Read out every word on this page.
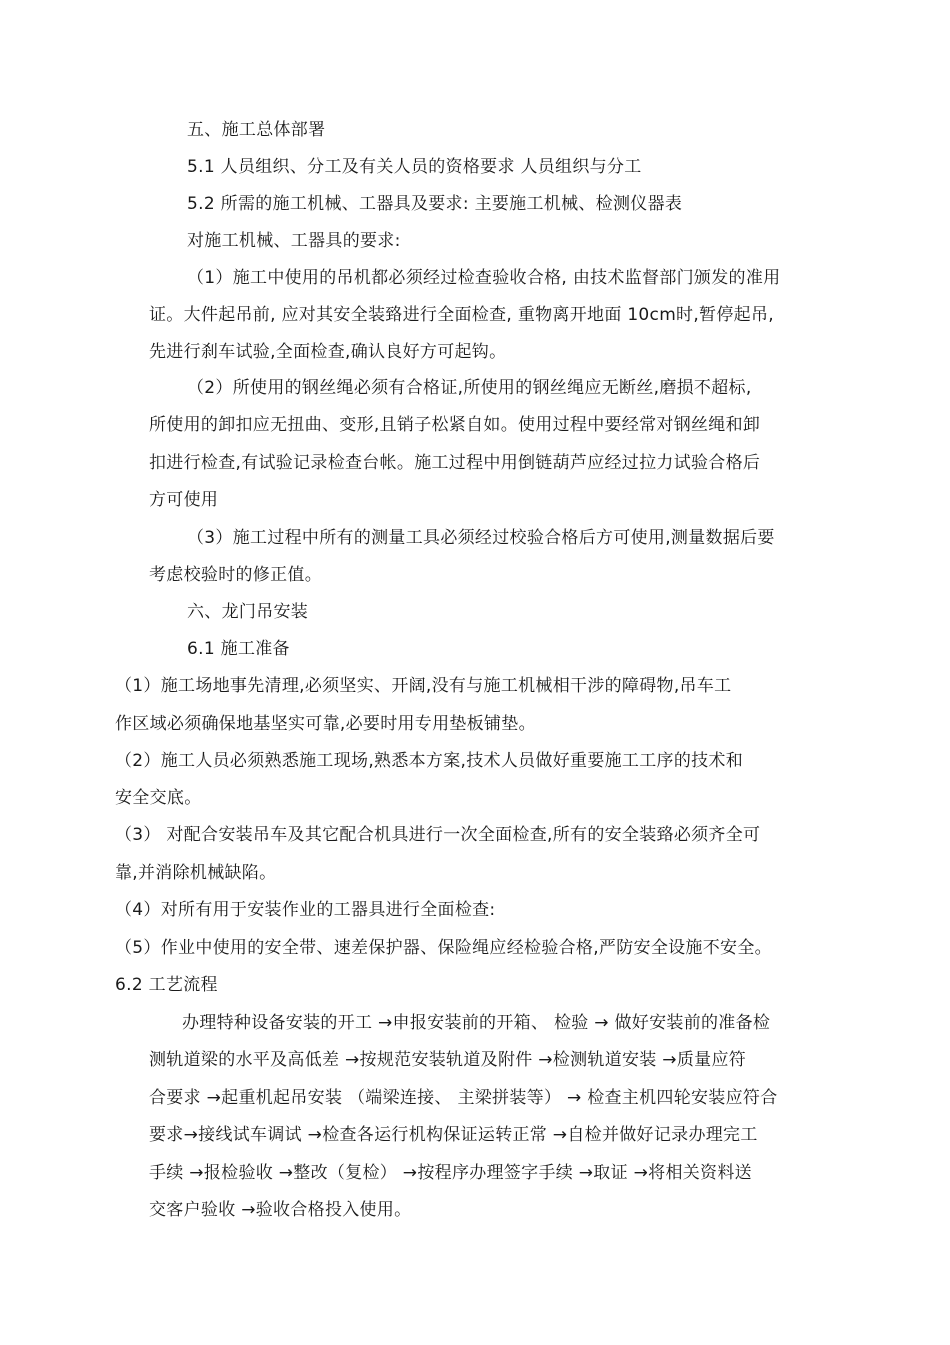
五、施工总体部署
5.1 人员组织、分工及有关人员的资格要求 人员组织与分工
5.2 所需的施工机械、工器具及要求: 主要施工机械、检测仪器表
对施工机械、工器具的要求:
（1）施工中使用的吊机都必须经过检查验收合格, 由技术监督部门颁发的准用
证。大件起吊前, 应对其安全装臵进行全面检查, 重物离开地面 10cm时,暂停起吊,
先进行刹车试验,全面检查,确认良好方可起钩。
（2）所使用的钢丝绳必须有合格证,所使用的钢丝绳应无断丝,磨损不超标,
所使用的卸扣应无扭曲、变形,且销子松紧自如。使用过程中要经常对钢丝绳和卸
扣进行检查,有试验记录检查台帐。施工过程中用倒链葫芦应经过拉力试验合格后
方可使用
（3）施工过程中所有的测量工具必须经过校验合格后方可使用,测量数据后要
考虑校验时的修正值。
六、龙门吊安装
6.1 施工准备
（1）施工场地事先清理,必须坚实、开阔,没有与施工机械相干涉的障碍物,吊车工
作区域必须确保地基坚实可靠,必要时用专用垫板铺垫。
（2）施工人员必须熟悉施工现场,熟悉本方案,技术人员做好重要施工工序的技术和
安全交底。
（3） 对配合安装吊车及其它配合机具进行一次全面检查,所有的安全装臵必须齐全可
靠,并消除机械缺陷。
（4）对所有用于安装作业的工器具进行全面检查:
（5）作业中使用的安全带、速差保护器、保险绳应经检验合格,严防安全设施不安全。
6.2 工艺流程
办理特种设备安装的开工 →申报安装前的开箱、 检验 → 做好安装前的准备检
测轨道梁的水平及高低差 →按规范安装轨道及附件 →检测轨道安装 →质量应符
合要求 →起重机起吊安装 （端梁连接、 主梁拼装等） → 检查主机四轮安装应符合
要求→接线试车调试 →检查各运行机构保证运转正常 →自检并做好记录办理完工
手续 →报检验收 →整改（复检） →按程序办理签字手续 →取证 →将相关资料送
交客户验收 →验收合格投入使用。
